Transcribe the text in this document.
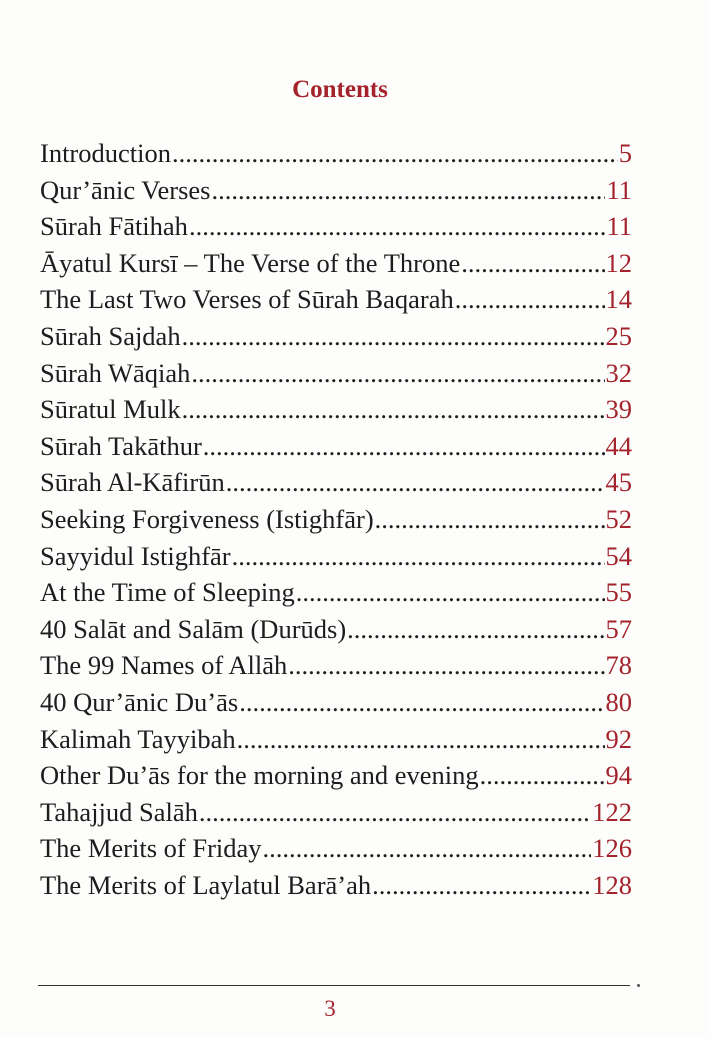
Contents
Introduction .....	5
Qur’ānic Verses .....	11
Sūrah Fātihah .....	11
Āyatul Kursī – The Verse of the Throne .....	12
The Last Two Verses of Sūrah Baqarah .....	14
Sūrah Sajdah .....	25
Sūrah Wāqiah .....	32
Sūratul Mulk .....	39
Sūrah Takāthur .....	44
Sūrah Al-Kāfirūn .....	45
Seeking Forgiveness (Istighfār) .....	52
Sayyidul Istighfār .....	54
At the Time of Sleeping .....	55
40 Salāt and Salām (Durūds) .....	57
The 99 Names of Allāh .....	78
40 Qur’ānic Du’ās .....	80
Kalimah Tayyibah .....	92
Other Du’ās for the morning and evening .....	94
Tahajjud Salāh .....	122
The Merits of Friday .....	126
The Merits of Laylatul Barā’ah .....	128
3
